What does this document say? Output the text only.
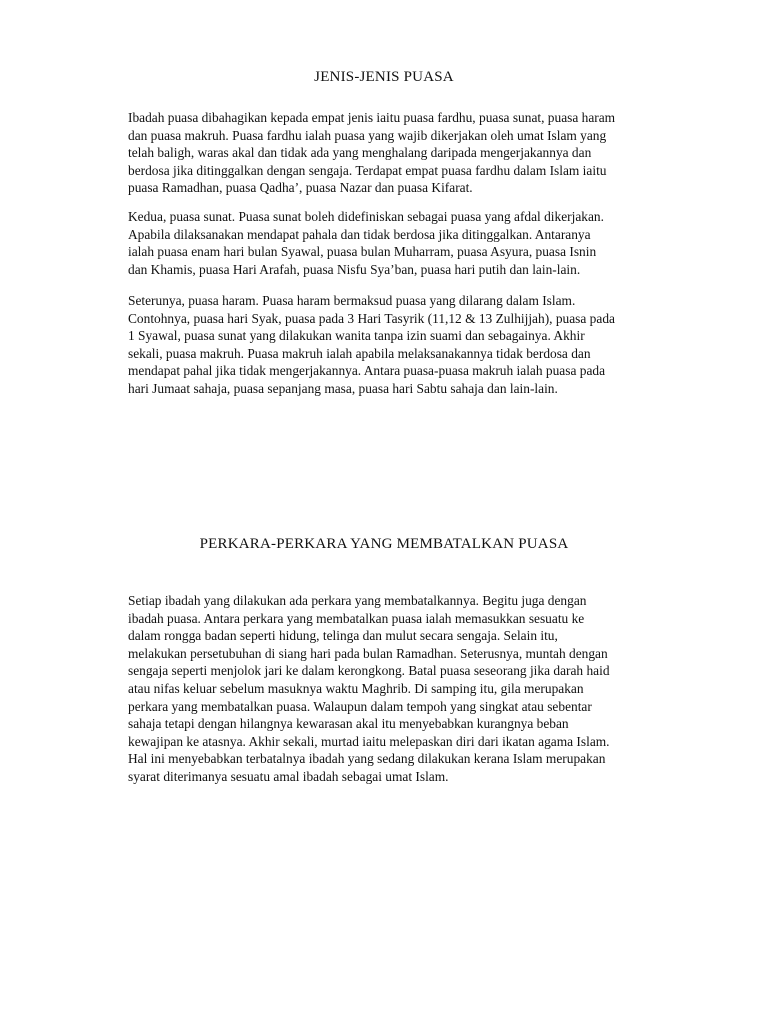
JENIS-JENIS PUASA

Ibadah puasa dibahagikan kepada empat jenis iaitu puasa fardhu, puasa sunat, puasa haram
dan puasa makruh. Puasa fardhu ialah puasa yang wajib dikerjakan oleh umat Islam yang
telah baligh, waras akal dan tidak ada yang menghalang daripada mengerjakannya dan
berdosa jika ditinggalkan dengan sengaja. Terdapat empat puasa fardhu dalam Islam iaitu
puasa Ramadhan, puasa Qadha’, puasa Nazar dan puasa Kifarat.

Kedua, puasa sunat. Puasa sunat boleh didefiniskan sebagai puasa yang afdal dikerjakan.
Apabila dilaksanakan mendapat pahala dan tidak berdosa jika ditinggalkan. Antaranya
ialah puasa enam hari bulan Syawal, puasa bulan Muharram, puasa Asyura, puasa Isnin
dan Khamis, puasa Hari Arafah, puasa Nisfu Sya’ban, puasa hari putih dan lain-lain.

Seterunya, puasa haram. Puasa haram bermaksud puasa yang dilarang dalam Islam.
Contohnya, puasa hari Syak, puasa pada 3 Hari Tasyrik (11,12 & 13 Zulhijjah), puasa pada
1 Syawal, puasa sunat yang dilakukan wanita tanpa izin suami dan sebagainya. Akhir
sekali, puasa makruh. Puasa makruh ialah apabila melaksanakannya tidak berdosa dan
mendapat pahal jika tidak mengerjakannya. Antara puasa-puasa makruh ialah puasa pada
hari Jumaat sahaja, puasa sepanjang masa, puasa hari Sabtu sahaja dan lain-lain.

PERKARA-PERKARA YANG MEMBATALKAN PUASA

Setiap ibadah yang dilakukan ada perkara yang membatalkannya. Begitu juga dengan
ibadah puasa. Antara perkara yang membatalkan puasa ialah memasukkan sesuatu ke
dalam rongga badan seperti hidung, telinga dan mulut secara sengaja. Selain itu,
melakukan persetubuhan di siang hari pada bulan Ramadhan. Seterusnya, muntah dengan
sengaja seperti menjolok jari ke dalam kerongkong. Batal puasa seseorang jika darah haid
atau nifas keluar sebelum masuknya waktu Maghrib. Di samping itu, gila merupakan
perkara yang membatalkan puasa. Walaupun dalam tempoh yang singkat atau sebentar
sahaja tetapi dengan hilangnya kewarasan akal itu menyebabkan kurangnya beban
kewajipan ke atasnya. Akhir sekali, murtad iaitu melepaskan diri dari ikatan agama Islam.
Hal ini menyebabkan terbatalnya ibadah yang sedang dilakukan kerana Islam merupakan
syarat diterimanya sesuatu amal ibadah sebagai umat Islam.
